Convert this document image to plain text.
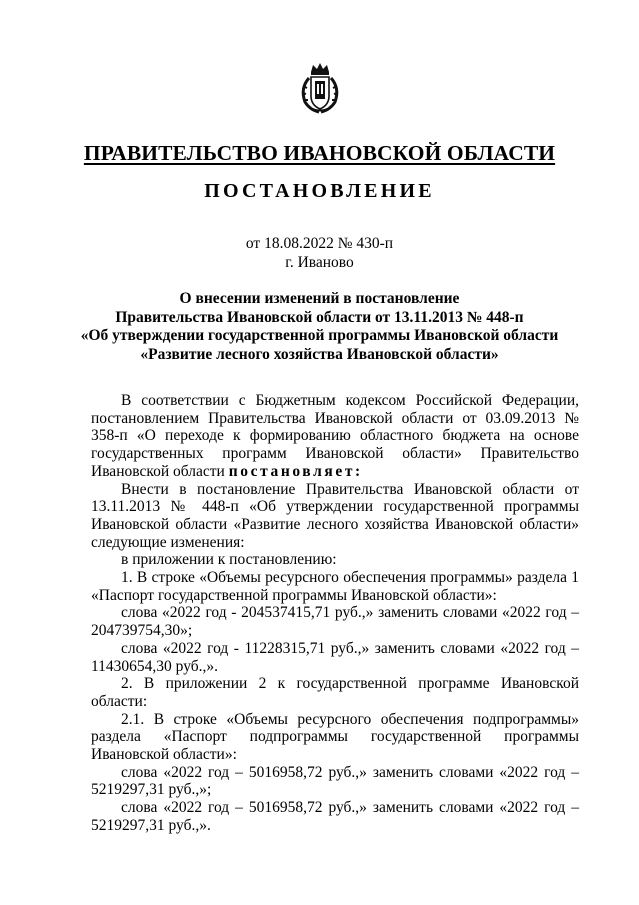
ПРАВИТЕЛЬСТВО ИВАНОВСКОЙ ОБЛАСТИ
ПОСТАНОВЛЕНИЕ
от 18.08.2022 № 430-п
г. Иваново
О внесении изменений в постановление
Правительства Ивановской области от 13.11.2013 № 448-п
«Об утверждении государственной программы Ивановской области
«Развитие лесного хозяйства Ивановской области»

В соответствии с Бюджетным кодексом Российской Федерации, постановлением Правительства Ивановской области от 03.09.2013 № 358-п «О переходе к формированию областного бюджета на основе государственных программ Ивановской области» Правительство Ивановской области постановляет:

Внести в постановление Правительства Ивановской области от 13.11.2013 № 448-п «Об утверждении государственной программы Ивановской области «Развитие лесного хозяйства Ивановской области» следующие изменения:

в приложении к постановлению:

1. В строке «Объемы ресурсного обеспечения программы» раздела 1 «Паспорт государственной программы Ивановской области»:

слова «2022 год - 204537415,71 руб.,» заменить словами «2022 год – 204739754,30»;

слова «2022 год - 11228315,71 руб.,» заменить словами «2022 год – 11430654,30 руб.,».

2. В приложении 2 к государственной программе Ивановской области:

2.1. В строке «Объемы ресурсного обеспечения подпрограммы» раздела «Паспорт подпрограммы государственной программы Ивановской области»:

слова «2022 год – 5016958,72 руб.,» заменить словами «2022 год – 5219297,31 руб.,»;

слова «2022 год – 5016958,72 руб.,» заменить словами «2022 год – 5219297,31 руб.,».
